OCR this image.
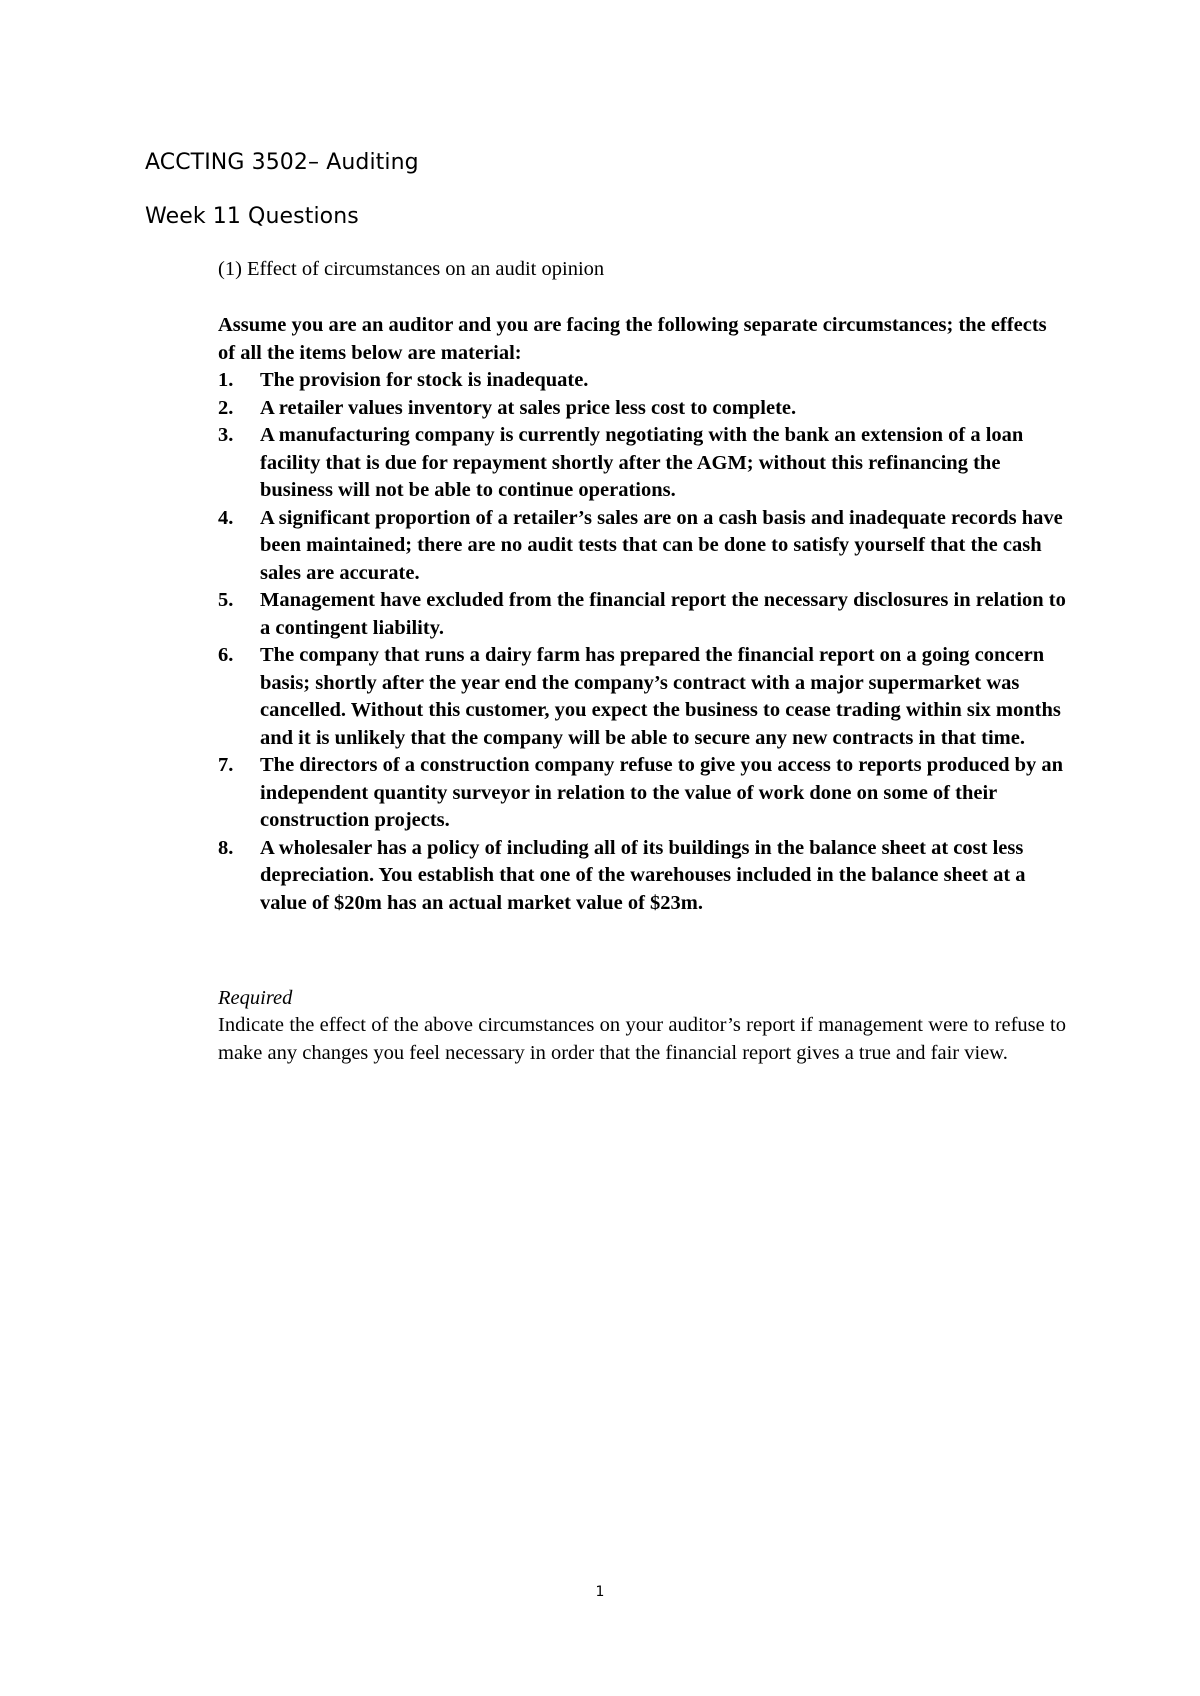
ACCTING 3502– Auditing
Week 11 Questions
(1) Effect of circumstances on an audit opinion
Assume you are an auditor and you are facing the following separate circumstances; the effects of all the items below are material:
1. The provision for stock is inadequate.
2. A retailer values inventory at sales price less cost to complete.
3. A manufacturing company is currently negotiating with the bank an extension of a loan facility that is due for repayment shortly after the AGM; without this refinancing the business will not be able to continue operations.
4. A significant proportion of a retailer’s sales are on a cash basis and inadequate records have been maintained; there are no audit tests that can be done to satisfy yourself that the cash sales are accurate.
5. Management have excluded from the financial report the necessary disclosures in relation to a contingent liability.
6. The company that runs a dairy farm has prepared the financial report on a going concern basis; shortly after the year end the company’s contract with a major supermarket was cancelled. Without this customer, you expect the business to cease trading within six months and it is unlikely that the company will be able to secure any new contracts in that time.
7. The directors of a construction company refuse to give you access to reports produced by an independent quantity surveyor in relation to the value of work done on some of their construction projects.
8. A wholesaler has a policy of including all of its buildings in the balance sheet at cost less depreciation. You establish that one of the warehouses included in the balance sheet at a value of $20m has an actual market value of $23m.
Required
Indicate the effect of the above circumstances on your auditor’s report if management were to refuse to make any changes you feel necessary in order that the financial report gives a true and fair view.
1
